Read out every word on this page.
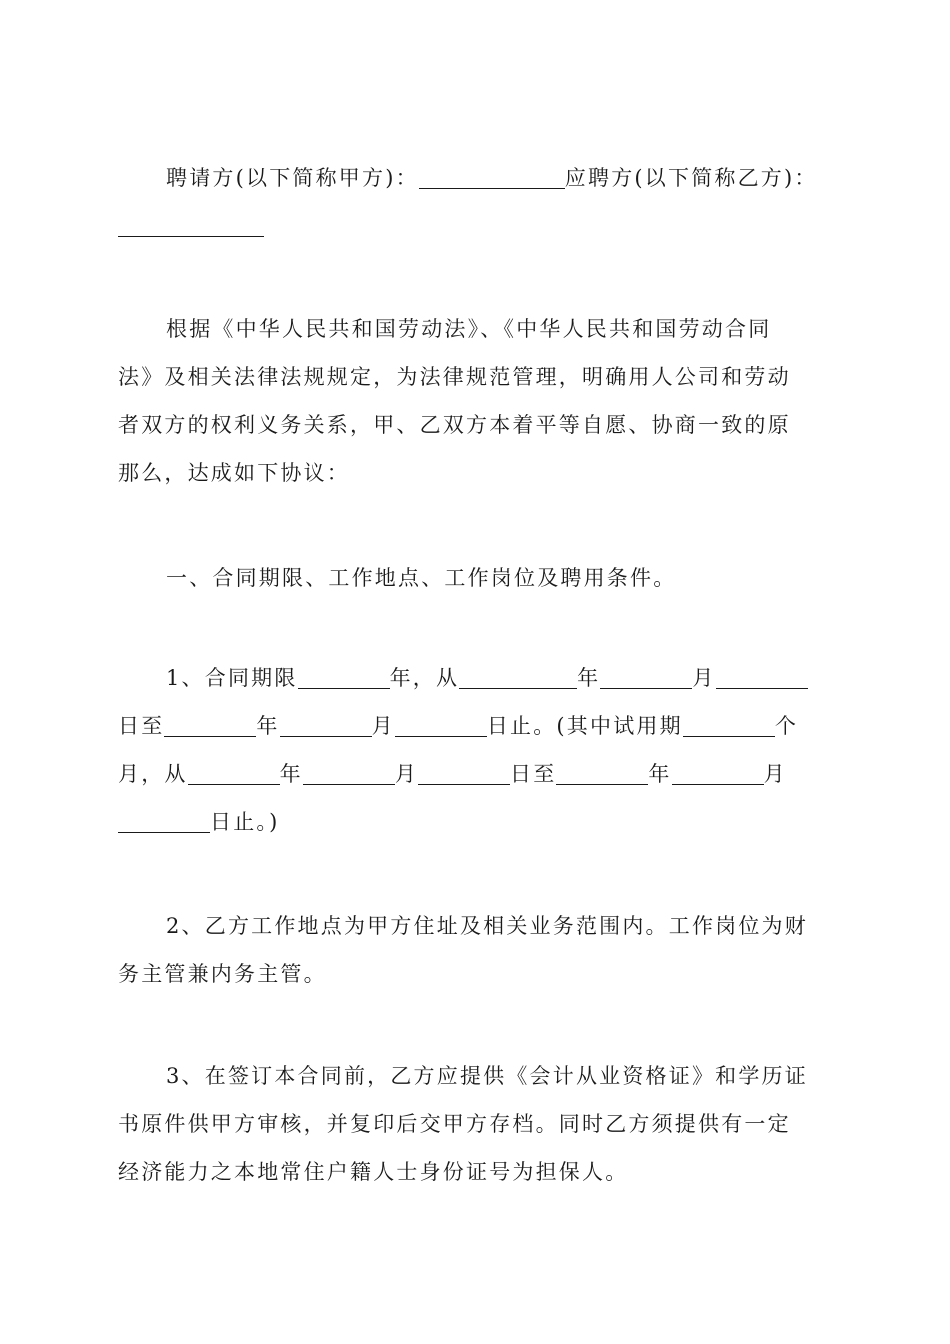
聘请方(以下简称甲方)：	应聘方(以下简称乙方)：
根据《中华人民共和国劳动法》、《中华人民共和国劳动合同
法》及相关法律法规规定，为法律规范管理，明确用人公司和劳动
者双方的权利义务关系，甲、乙双方本着平等自愿、协商一致的原
那么，达成如下协议：
一、合同期限、工作地点、工作岗位及聘用条件。
1、合同期限	年，从	年	月
日至	年	月	日止。(其中试用期	个
月，从	年	月	日至	年	月
日止。)
2、乙方工作地点为甲方住址及相关业务范围内。工作岗位为财
务主管兼内务主管。
3、在签订本合同前，乙方应提供《会计从业资格证》和学历证
书原件供甲方审核，并复印后交甲方存档。同时乙方须提供有一定
经济能力之本地常住户籍人士身份证号为担保人。
